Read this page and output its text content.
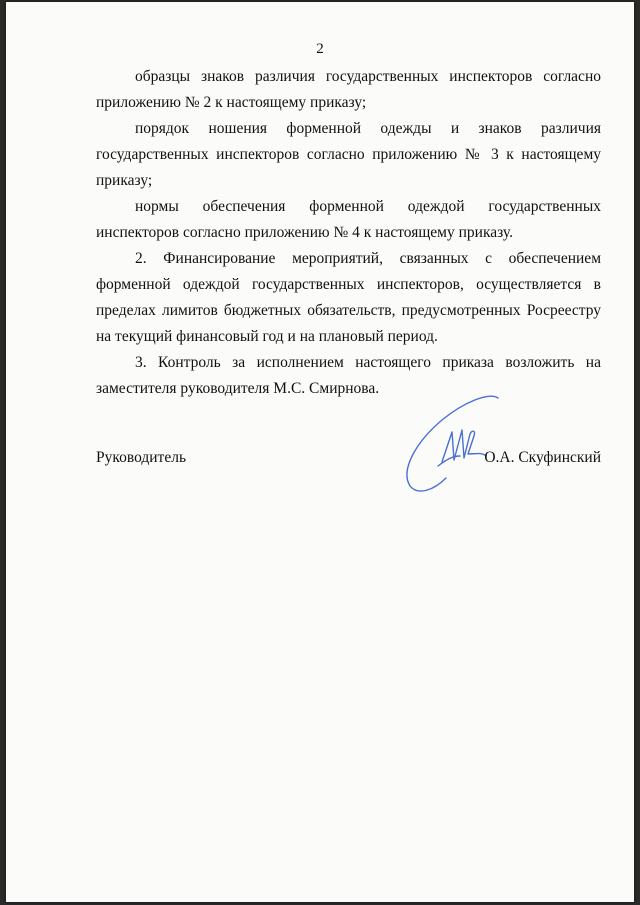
2

образцы знаков различия государственных инспекторов согласно приложению № 2 к настоящему приказу;

порядок ношения форменной одежды и знаков различия государственных инспекторов согласно приложению № 3 к настоящему приказу;

нормы обеспечения форменной одеждой государственных инспекторов согласно приложению № 4 к настоящему приказу.

2. Финансирование мероприятий, связанных с обеспечением форменной одеждой государственных инспекторов, осуществляется в пределах лимитов бюджетных обязательств, предусмотренных Росреестру на текущий финансовый год и на плановый период.

3. Контроль за исполнением настоящего приказа возложить на заместителя руководителя М.С. Смирнова.

Руководитель	О.А. Скуфинский
